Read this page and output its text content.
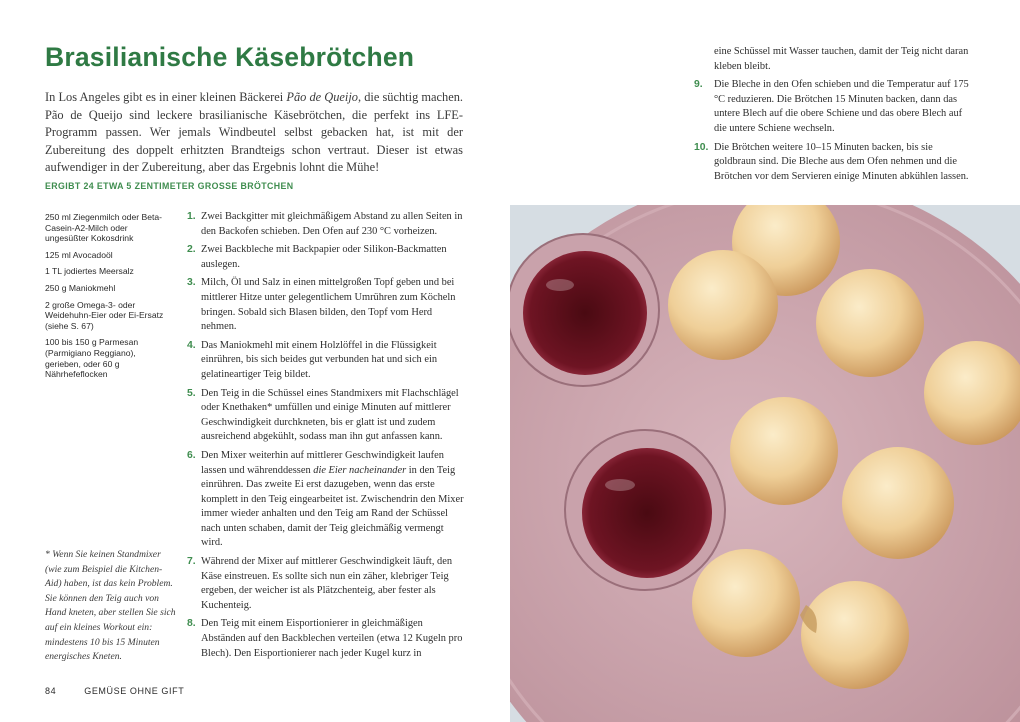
Brasilianische Käsebrötchen

In Los Angeles gibt es in einer kleinen Bäckerei Pão de Queijo, die süchtig machen. Pão de Queijo sind leckere brasilianische Käsebrötchen, die perfekt ins LFE-Programm passen. Wer jemals Windbeutel selbst gebacken hat, ist mit der Zubereitung des doppelt erhitzten Brandteigs schon vertraut. Dieser ist etwas aufwendiger in der Zubereitung, aber das Ergebnis lohnt die Mühe!

ERGIBT 24 ETWA 5 ZENTIMETER GROSSE BRÖTCHEN
250 ml Ziegenmilch oder Beta-Casein-A2-Milch oder ungesüßter Kokosdrink
125 ml Avocadoöl
1 TL jodiertes Meersalz
250 g Maniokmehl
2 große Omega-3- oder Weidehuhn-Eier oder Ei-Ersatz (siehe S. 67)
100 bis 150 g Parmesan (Parmigiano Reggiano), gerieben, oder 60 g Nährhefeflocken

* Wenn Sie keinen Standmixer (wie zum Beispiel die Kitchen-Aid) haben, ist das kein Problem. Sie können den Teig auch von Hand kneten, aber stellen Sie sich auf ein kleines Workout ein: mindestens 10 bis 15 Minuten energisches Kneten.

1. Zwei Backgitter mit gleichmäßigem Abstand zu allen Seiten in den Backofen schieben. Den Ofen auf 230 °C vorheizen.
2. Zwei Backbleche mit Backpapier oder Silikon-Backmatten auslegen.
3. Milch, Öl und Salz in einen mittelgroßen Topf geben und bei mittlerer Hitze unter gelegentlichem Umrühren zum Köcheln bringen. Sobald sich Blasen bilden, den Topf vom Herd nehmen.
4. Das Maniokmehl mit einem Holzlöffel in die Flüssigkeit einrühren, bis sich beides gut verbunden hat und sich ein gelatineartiger Teig bildet.
5. Den Teig in die Schüssel eines Standmixers mit Flachschlägel oder Knethaken* umfüllen und einige Minuten auf mittlerer Geschwindigkeit durchkneten, bis er glatt ist und zudem ausreichend abgekühlt, sodass man ihn gut anfassen kann.
6. Den Mixer weiterhin auf mittlerer Geschwindigkeit laufen lassen und währenddessen die Eier nacheinander in den Teig einrühren. Das zweite Ei erst dazugeben, wenn das erste komplett in den Teig eingearbeitet ist. Zwischendrin den Mixer immer wieder anhalten und den Teig am Rand der Schüssel nach unten schaben, damit der Teig gleichmäßig vermengt wird.
7. Während der Mixer auf mittlerer Geschwindigkeit läuft, den Käse einstreuen. Es sollte sich nun ein zäher, klebriger Teig ergeben, der weicher ist als Plätzchenteig, aber fester als Kuchenteig.
8. Den Teig mit einem Eisportionierer in gleichmäßigen Abständen auf den Backblechen verteilen (etwa 12 Kugeln pro Blech). Den Eisportionierer nach jeder Kugel kurz in
84	GEMÜSE OHNE GIFT
eine Schüssel mit Wasser tauchen, damit der Teig nicht daran kleben bleibt.
9. Die Bleche in den Ofen schieben und die Temperatur auf 175 °C reduzieren. Die Brötchen 15 Minuten backen, dann das untere Blech auf die obere Schiene und das obere Blech auf die untere Schiene wechseln.
10. Die Brötchen weitere 10–15 Minuten backen, bis sie goldbraun sind. Die Bleche aus dem Ofen nehmen und die Brötchen vor dem Servieren einige Minuten abkühlen lassen.
